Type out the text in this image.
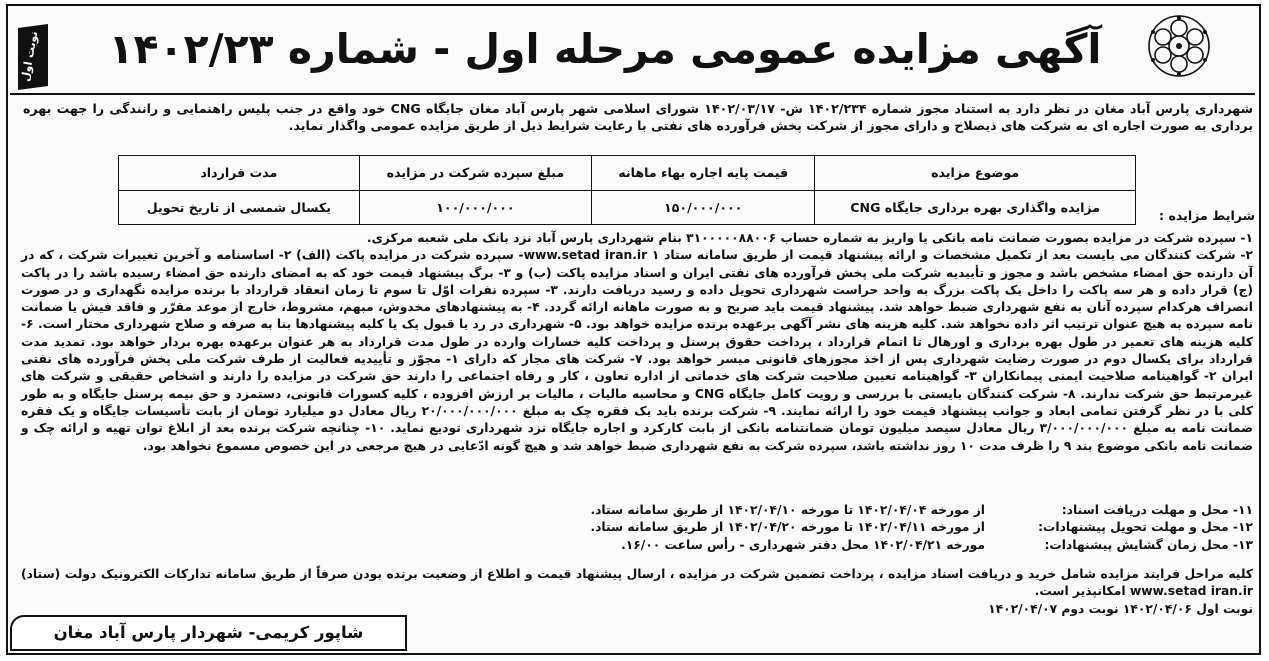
نوبت اول	آگهی مزایده عمومی مرحله اول - شماره ۱۴۰۲/۲۳
شهرداری پارس آباد مغان در نظر دارد به استناد مجوز شماره ۱۴۰۲/۲۳۴ ش- ۱۴۰۲/۰۳/۱۷ شورای اسلامی شهر پارس آباد مغان جایگاه CNG خود واقع در جنب پلیس راهنمایی و رانندگی را جهت بهره برداری به صورت اجاره ای به شرکت های ذیصلاح و دارای مجوز از شرکت پخش فرآورده های نفتی با رعایت شرایط ذیل از طریق مزایده عمومی واگذار نماید.
موضوع مزایده	قیمت پایه اجاره بهاء ماهانه	مبلغ سپرده شرکت در مزایده	مدت قرارداد
مزایده واگذاری بهره برداری جایگاه CNG	۱۵۰/۰۰۰/۰۰۰	۱۰۰/۰۰۰/۰۰۰	یکسال شمسی از تاریخ تحویل
شرایط مزایده :

۱- سپرده شرکت در مزایده بصورت ضمانت نامه بانکی یا واریز به شماره حساب ۳۱۰۰۰۰۰۸۸۰۰۶ بنام شهرداری پارس آباد نزد بانک ملی شعبه مرکزی.

۲- شرکت کنندگان می بایست بعد از تکمیل مشخصات و ارائه پیشنهاد قیمت از طریق سامانه ستاد www.setad iran.ir ۱- سپرده شرکت در مزایده پاکت (الف) ۲- اساسنامه و آخرین تغییرات شرکت ، که در آن دارنده حق امضاء مشخص باشد و مجوز و تأییدیه شرکت ملی پخش فرآورده های نفتی ایران و اسناد مزایده پاکت (ب) و ۳- برگ پیشنهاد قیمت خود که به امضای دارنده حق امضاء رسیده باشد را در پاکت (ج) قرار داده و هر سه پاکت را داخل یک پاکت بزرگ به واحد حراست شهرداری تحویل داده و رسید دریافت دارند. ۳- سپرده نفرات اوّل تا سوم تا زمان انعقاد قرارداد با برنده مزایده نگهداری و در صورت انصراف هرکدام سپرده آنان به نفع شهرداری ضبط خواهد شد. پیشنهاد قیمت باید صریح و به صورت ماهانه ارائه گردد. ۴- به پیشنهادهای مخدوش، مبهم، مشروط، خارج از موعد مقرّر و فاقد فیش یا ضمانت نامه سپرده به هیچ عنوان ترتیب اثر داده نخواهد شد. کلیه هزینه های نشر آگهی برعهده برنده مزایده خواهد بود. ۵- شهرداری در رد یا قبول یک یا کلیه پیشنهادها بنا به صرفه و صلاح شهرداری مختار است. ۶- کلیه هزینه های تعمیر در طول بهره برداری و اورهال تا اتمام قرارداد ، پرداخت حقوق پرسنل و پرداخت کلیه خسارات وارده در طول مدت قرارداد به هر عنوان برعهده بهره بردار خواهد بود. تمدید مدت قرارداد برای یکسال دوم در صورت رضایت شهرداری پس از اخذ مجوزهای قانونی میسر خواهد بود. ۷- شرکت های مجاز که دارای ۱- مجوّز و تأییدیه فعالیت از طرف شرکت ملی پخش فرآورده های نفتی ایران ۲- گواهینامه صلاحیت ایمنی پیمانکاران ۳- گواهینامه تعیین صلاحیت شرکت های خدماتی از اداره تعاون ، کار و رفاه اجتماعی را دارند حق شرکت در مزایده را دارند و اشخاص حقیقی و شرکت های غیرمرتبط حق شرکت ندارند. ۸- شرکت کنندگان بایستی با بررسی و رویت کامل جایگاه CNG و محاسبه مالیات ، مالیات بر ارزش افزوده ، کلیه کسورات قانونی، دستمزد و حق بیمه پرسنل جایگاه و به طور کلی با در نظر گرفتن تمامی ابعاد و جوانب پیشنهاد قیمت خود را ارائه نمایند. ۹- شرکت برنده باید یک فقره چک به مبلغ ۲۰/۰۰۰/۰۰۰/۰۰۰ ریال معادل دو میلیارد تومان از بابت تأسیسات جایگاه و یک فقره ضمانت نامه به مبلغ ۳/۰۰۰/۰۰۰/۰۰۰ ریال معادل سیصد میلیون تومان ضمانتنامه بانکی از بابت کارکرد و اجاره جایگاه نزد شهرداری تودیع نماید. ۱۰- چنانچه شرکت برنده بعد از ابلاغ توان تهیه و ارائه چک و ضمانت نامه بانکی موضوع بند ۹ را ظرف مدت ۱۰ روز نداشته باشد، سپرده شرکت به نفع شهرداری ضبط خواهد شد و هیچ گونه ادّعایی در هیچ مرجعی در این خصوص مسموع نخواهد بود.

۱۱- محل و مهلت دریافت اسناد:از مورخه ۱۴۰۲/۰۴/۰۴ تا مورخه ۱۴۰۲/۰۴/۱۰ از طریق سامانه ستاد.
۱۲- محل و مهلت تحویل پیشنهادات:از مورخه ۱۴۰۲/۰۴/۱۱ تا مورخه ۱۴۰۲/۰۴/۲۰ از طریق سامانه ستاد.
۱۳- محل زمان گشایش پیشنهادات:مورخه ۱۴۰۲/۰۴/۲۱ محل دفتر شهرداری - رأس ساعت ۱۶/۰۰.
کلیه مراحل فرایند مزایده شامل خرید و دریافت اسناد مزایده ، پرداخت تضمین شرکت در مزایده ، ارسال پیشنهاد قیمت و اطلاع از وضعیت برنده بودن صرفاً از طریق سامانه تدارکات الکترونیک دولت (ستاد) www.setad iran.ir امکانپذیر است.
نوبت اول ۱۴۰۲/۰۴/۰۶ نوبت دوم ۱۴۰۲/۰۴/۰۷
شاپور کریمی- شهردار پارس آباد مغان
